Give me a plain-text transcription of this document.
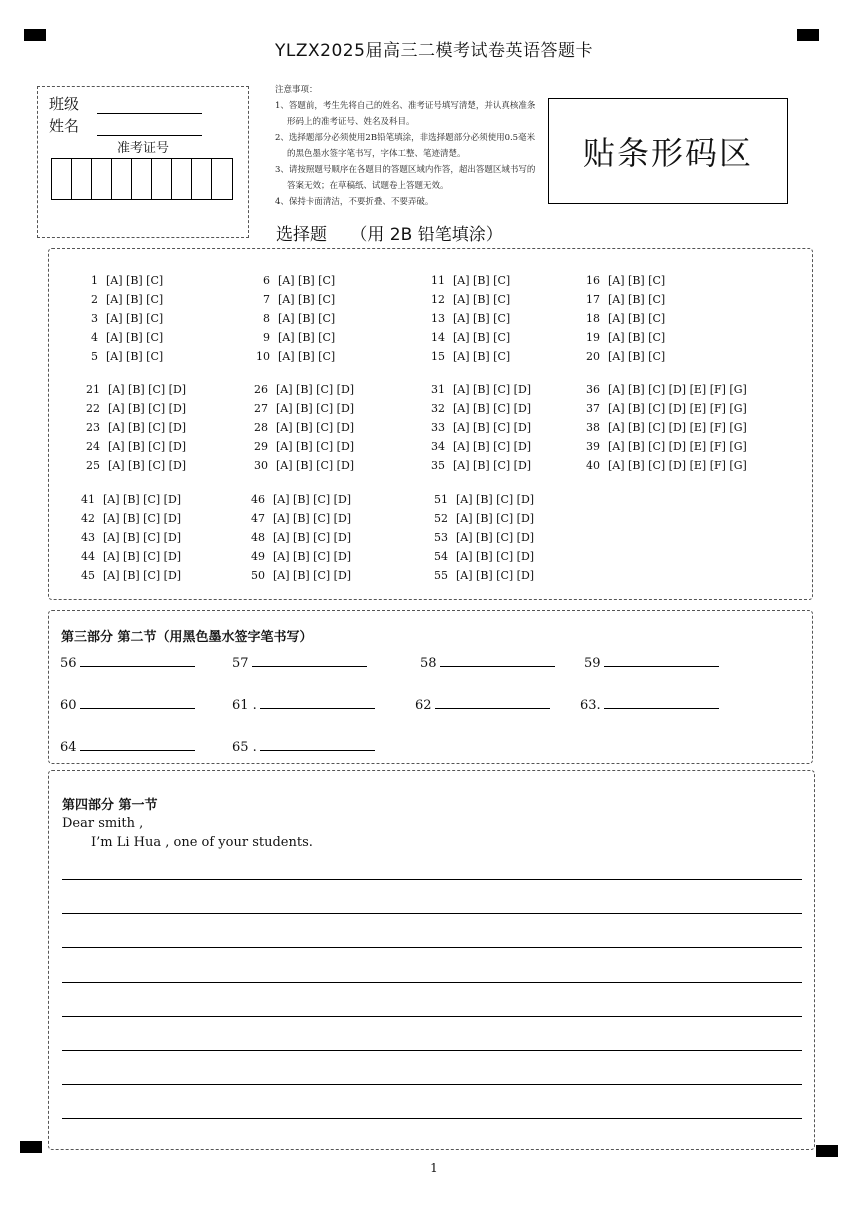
YLZX2025届高三二模考试卷英语答题卡
班级
姓名
准考证号
注意事项：
1、答题前，考生先将自己的姓名、准考证号填写清楚，并认真核准条形码上的准考证号、姓名及科目。
2、选择题部分必须使用2B铅笔填涂，非选择题部分必须使用0.5毫米的黑色墨水签字笔书写，字体工整、笔迹清楚。
3、请按照题号顺序在各题目的答题区域内作答，超出答题区域书写的答案无效；在草稿纸、试题卷上答题无效。
4、保持卡面清洁，不要折叠、不要弄破。
贴条形码区
选择题 （用 2B 铅笔填涂）
1 [A] [B] [C]
2 [A] [B] [C]
3 [A] [B] [C]
4 [A] [B] [C]
5 [A] [B] [C]
6 [A] [B] [C]
7 [A] [B] [C]
8 [A] [B] [C]
9 [A] [B] [C]
10 [A] [B] [C]
11 [A] [B] [C]
12 [A] [B] [C]
13 [A] [B] [C]
14 [A] [B] [C]
15 [A] [B] [C]
16 [A] [B] [C]
17 [A] [B] [C]
18 [A] [B] [C]
19 [A] [B] [C]
20 [A] [B] [C]
21 [A] [B] [C] [D]
22 [A] [B] [C] [D]
23 [A] [B] [C] [D]
24 [A] [B] [C] [D]
25 [A] [B] [C] [D]
26 [A] [B] [C] [D]
27 [A] [B] [C] [D]
28 [A] [B] [C] [D]
29 [A] [B] [C] [D]
30 [A] [B] [C] [D]
31 [A] [B] [C] [D]
32 [A] [B] [C] [D]
33 [A] [B] [C] [D]
34 [A] [B] [C] [D]
35 [A] [B] [C] [D]
36 [A] [B] [C] [D] [E] [F] [G]
37 [A] [B] [C] [D] [E] [F] [G]
38 [A] [B] [C] [D] [E] [F] [G]
39 [A] [B] [C] [D] [E] [F] [G]
40 [A] [B] [C] [D] [E] [F] [G]
41 [A] [B] [C] [D]
42 [A] [B] [C] [D]
43 [A] [B] [C] [D]
44 [A] [B] [C] [D]
45 [A] [B] [C] [D]
46 [A] [B] [C] [D]
47 [A] [B] [C] [D]
48 [A] [B] [C] [D]
49 [A] [B] [C] [D]
50 [A] [B] [C] [D]
51 [A] [B] [C] [D]
52 [A] [B] [C] [D]
53 [A] [B] [C] [D]
54 [A] [B] [C] [D]
55 [A] [B] [C] [D]
第三部分 第二节（用黑色墨水签字笔书写）
56	57	58	59
60	61 .	62	63.
64	65 .
第四部分 第一节
Dear smith ,
I’m Li Hua , one of your students.
1
